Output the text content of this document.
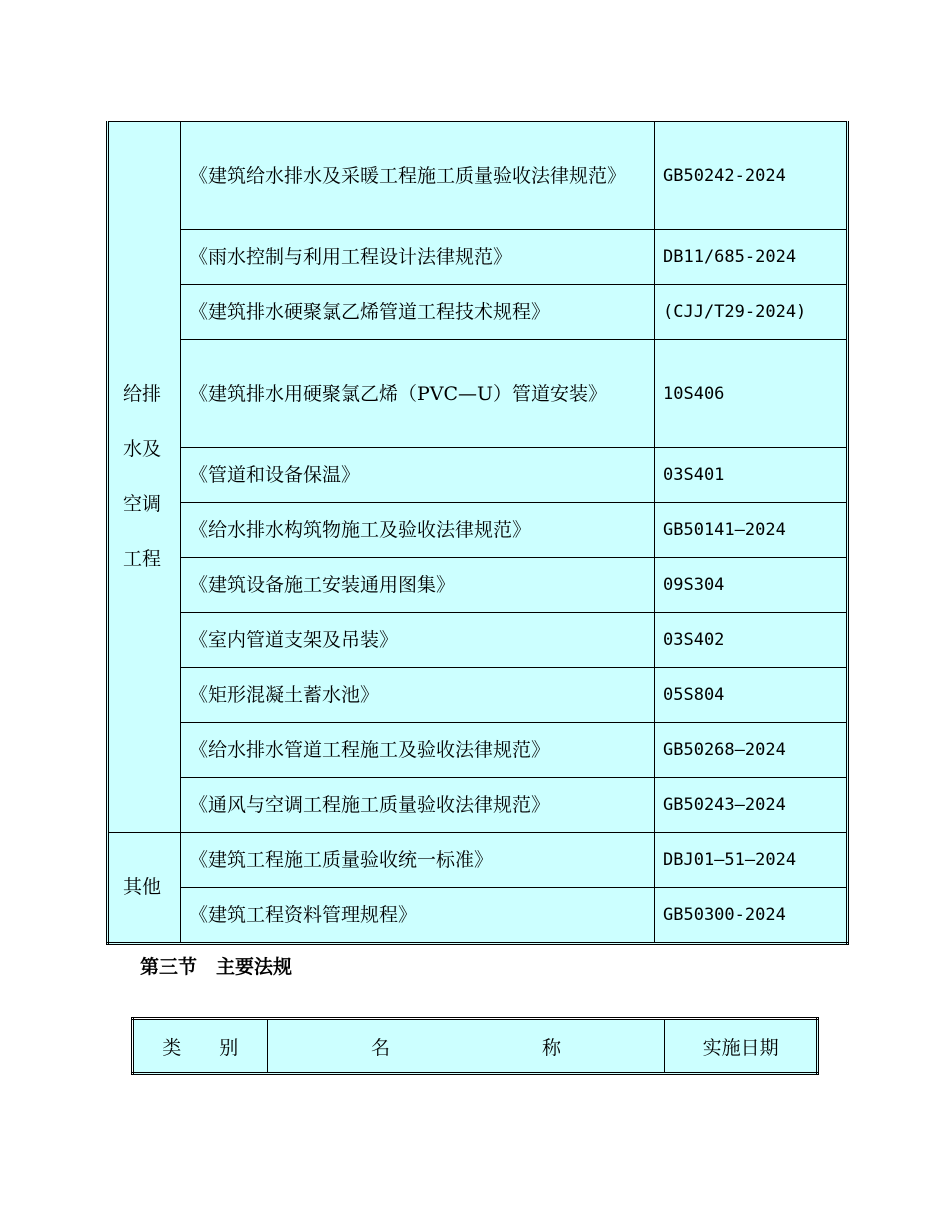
给排水及空调工程	《建筑给水排水及采暖工程施工质量验收法律规范》	GB50242-2024
	《雨水控制与利用工程设计法律规范》	DB11/685-2024
	《建筑排水硬聚氯乙烯管道工程技术规程》	(CJJ/T29-2024)
	《建筑排水用硬聚氯乙烯（PVC—U）管道安装》	10S406
	《管道和设备保温》	03S401
	《给水排水构筑物施工及验收法律规范》	GB50141—2024
	《建筑设备施工安装通用图集》	09S304
	《室内管道支架及吊装》	03S402
	《矩形混凝土蓄水池》	05S804
	《给水排水管道工程施工及验收法律规范》	GB50268—2024
	《通风与空调工程施工质量验收法律规范》	GB50243—2024

其他	《建筑工程施工质量验收统一标准》	DBJ01—51—2024
	《建筑工程资料管理规程》	GB50300-2024
第三节　主要法规
类　　别	名　　　　　　　　称	实施日期
